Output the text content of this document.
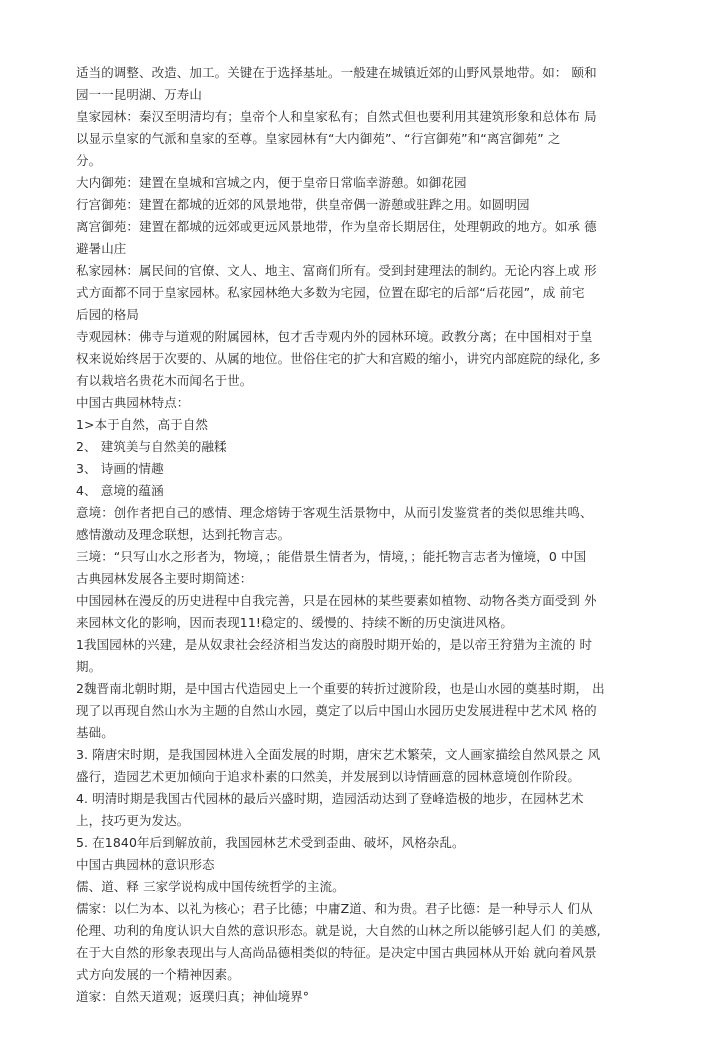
适当的调整、改造、加工。关键在于选择基址。一般建在城镇近郊的山野风景地带。如： 颐和
园一一昆明湖、万寿山
皇家园林：秦汉至明清均有；皇帝个人和皇家私有；自然式但也要利用其建筑形象和总体布 局
以显示皇家的气派和皇家的至尊。皇家园林有“大内御苑”、“行宫御苑”和“离宫御苑” 之
分。
大内御苑：建置在皇城和宫城之内，便于皇帝日常临幸游憩。如御花园
行宫御苑：建置在都城的近郊的风景地带，供皇帝偶一游憩或驻跸之用。如圆明园
离宫御苑：建置在都城的远郊或更远风景地带，作为皇帝长期居住，处理朝政的地方。如承 德
避暑山庄
私家园林：属民间的官僚、文人、地主、富商们所有。受到封建理法的制约。无论内容上或 形
式方面都不同于皇家园林。私家园林绝大多数为宅园，位置在邸宅的后部“后花园”，成 前宅
后园的格局
寺观园林：佛寺与道观的附属园林，包才舌寺观内外的园林环境。政教分离；在中国相对于皇
权来说始终居于次要的、从属的地位。世俗住宅的扩大和宫殿的缩小，讲究内部庭院的绿化, 多
有以栽培名贵花木而闻名于世。
中国古典园林特点：
1>本于自然，高于自然
2、 建筑美与自然美的融糅
3、 诗画的情趣
4、 意境的蕴涵
意境：创作者把自己的感情、理念熔铸于客观生活景物中，从而引发鉴赏者的类似思维共鸣、
感情激动及理念联想，达到托物言志。
三境：“只写山水之形者为，物境，；能借景生情者为，情境，；能托物言志者为憧境，0 中国
古典园林发展各主要时期简述：
中国园林在漫反的历史进程中自我完善，只是在园林的某些要素如植物、动物各类方面受到 外
来园林文化的影响，因而表现11!稳定的、缓慢的、持续不断的历史演进风格。
1我国园林的兴建，是从奴隶社会经济相当发达的商殷时期开始的，是以帝王狩猎为主流的 时
期。
2魏晋南北朝时期，是中国古代造园史上一个重要的转折过渡阶段，也是山水园的奠基时期， 出
现了以再现自然山水为主题的自然山水园，奠定了以后中国山水园历史发展进程中艺术风 格的
基础。
3. 隋唐宋时期，是我国园林进入全面发展的时期，唐宋艺术繁荣，文人画家描绘自然风景之 风
盛行，造园艺术更加倾向于追求朴素的口然美，并发展到以诗情画意的园林意境创作阶段。
4. 明清时期是我国古代园林的最后兴盛时期，造园活动达到了登峰造极的地步，在园林艺术
上，技巧更为发达。
5. 在1840年后到解放前，我国园林艺术受到歪曲、破坏，风格杂乱。
中国古典园林的意识形态
儒、道、释 三家学说构成中国传统哲学的主流。
儒家：以仁为本、以礼为核心；君子比德；中庸Z道、和为贵。君子比德：是一种导示人 们从
伦理、功利的角度认识大自然的意识形态。就是说，大自然的山林之所以能够引起人们 的美感,
在于大自然的形象表现出与人高尚品德相类似的特征。是决定中国古典园林从开始 就向着风景
式方向发展的一个精神因素。
道家：自然天道观；返璞归真；神仙境界°
